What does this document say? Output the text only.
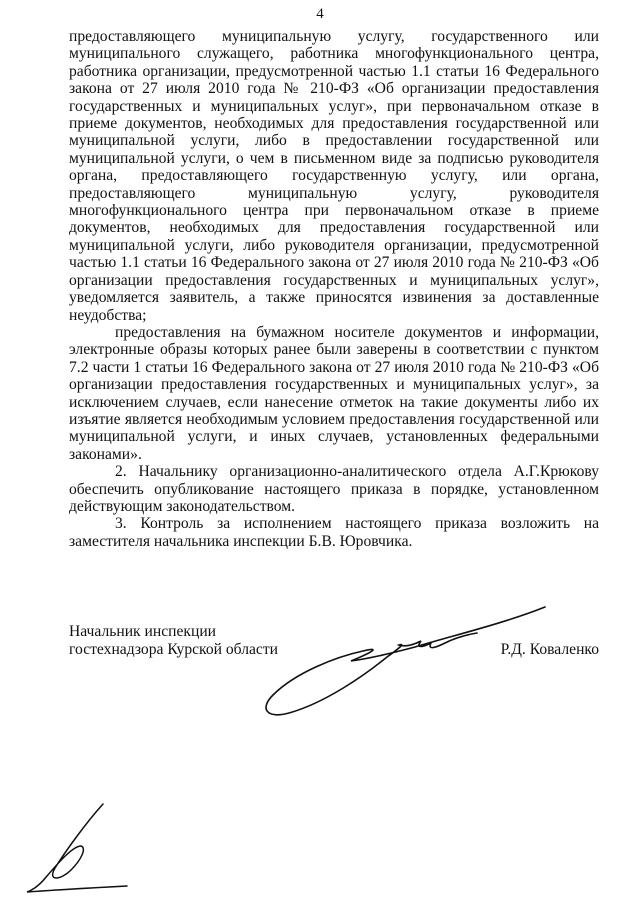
4

предоставляющего муниципальную услугу, государственного или муниципального служащего, работника многофункционального центра, работника организации, предусмотренной частью 1.1 статьи 16 Федерального закона от 27 июля 2010 года № 210-ФЗ «Об организации предоставления государственных и муниципальных услуг», при первоначальном отказе в приеме документов, необходимых для предоставления государственной или муниципальной услуги, либо в предоставлении государственной или муниципальной услуги, о чем в письменном виде за подписью руководителя органа, предоставляющего государственную услугу, или органа, предоставляющего муниципальную услугу, руководителя многофункционального центра при первоначальном отказе в приеме документов, необходимых для предоставления государственной или муниципальной услуги, либо руководителя организации, предусмотренной частью 1.1 статьи 16 Федерального закона от 27 июля 2010 года № 210-ФЗ «Об организации предоставления государственных и муниципальных услуг», уведомляется заявитель, а также приносятся извинения за доставленные неудобства;

предоставления на бумажном носителе документов и информации, электронные образы которых ранее были заверены в соответствии с пунктом 7.2 части 1 статьи 16 Федерального закона от 27 июля 2010 года № 210-ФЗ «Об организации предоставления государственных и муниципальных услуг», за исключением случаев, если нанесение отметок на такие документы либо их изъятие является необходимым условием предоставления государственной или муниципальной услуги, и иных случаев, установленных федеральными законами».

2. Начальнику организационно-аналитического отдела А.Г.Крюкову обеспечить опубликование настоящего приказа в порядке, установленном действующим законодательством.

3. Контроль за исполнением настоящего приказа возложить на заместителя начальника инспекции Б.В. Юровчика.

Начальник инспекции
гостехнадзора Курской области	Р.Д. Коваленко
